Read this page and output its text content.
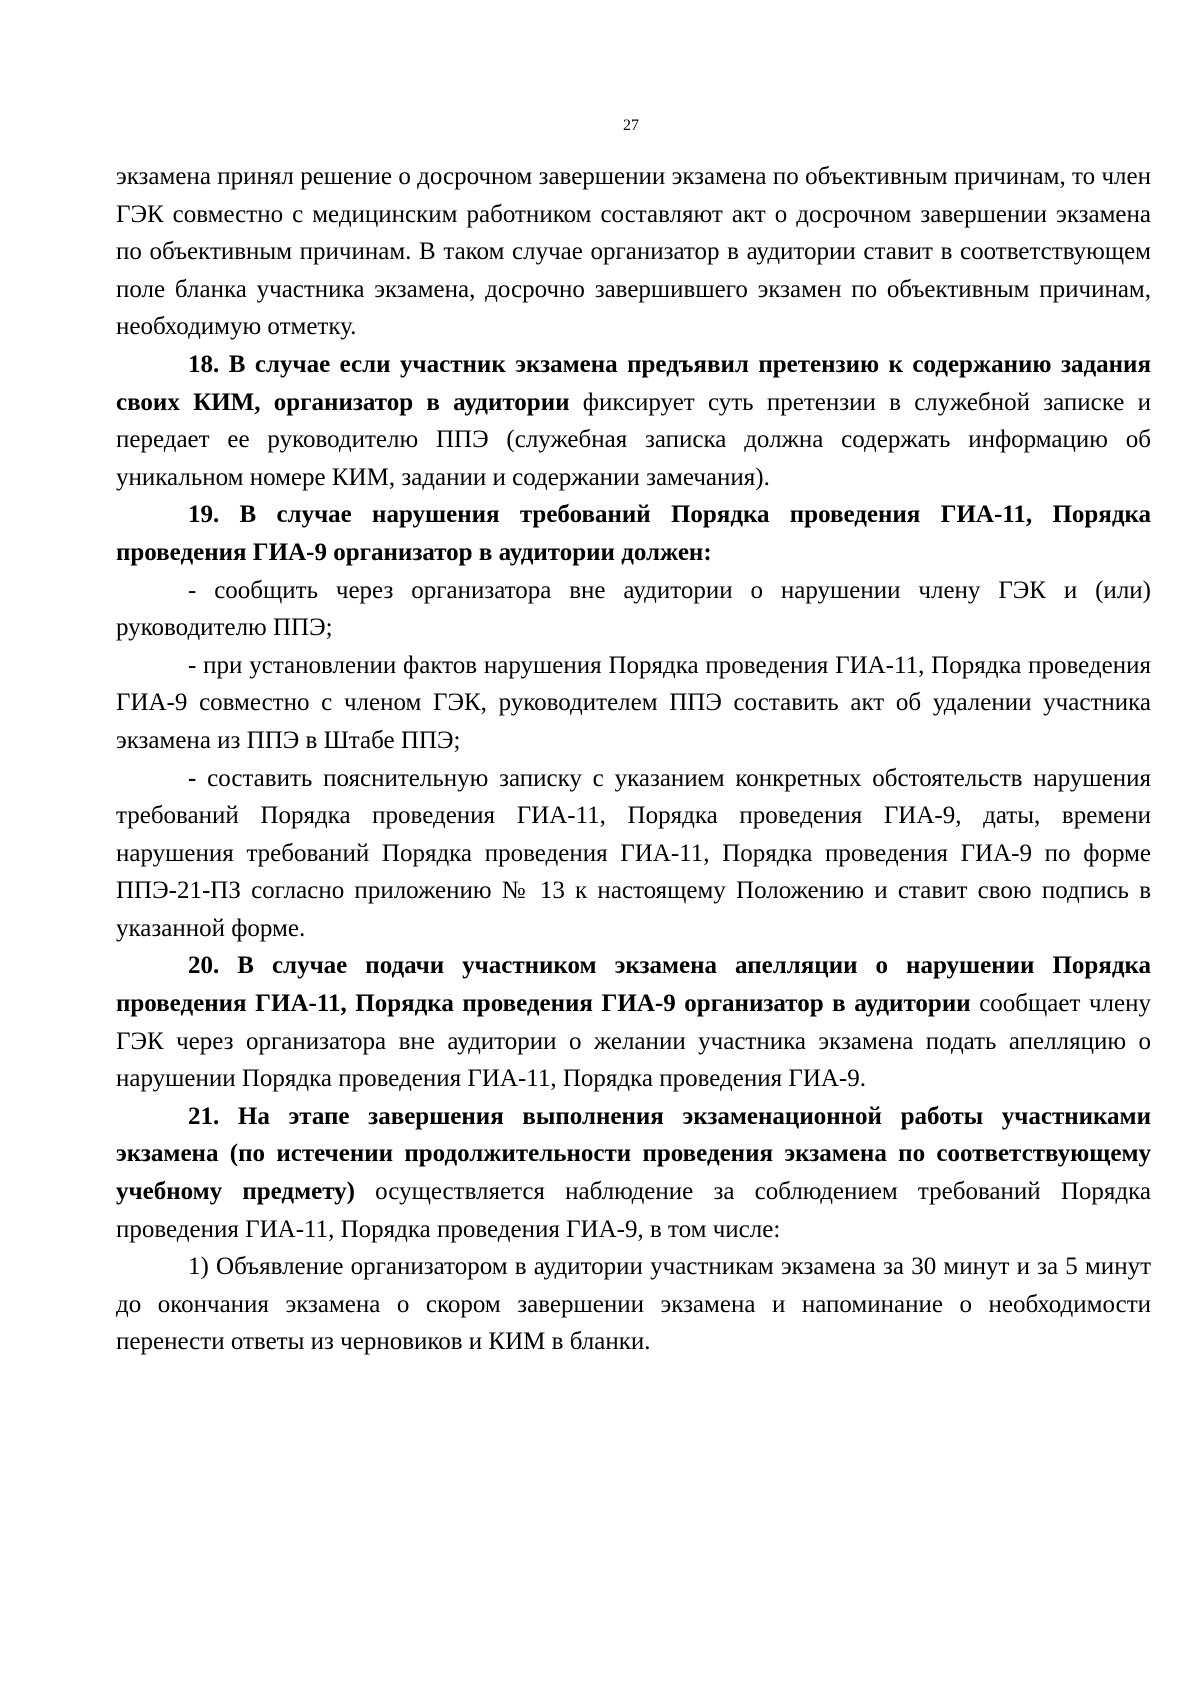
27

экзамена принял решение о досрочном завершении экзамена по объективным причинам, то член ГЭК совместно с медицинским работником составляют акт о досрочном завершении экзамена по объективным причинам. В таком случае организатор в аудитории ставит в соответствующем поле бланка участника экзамена, досрочно завершившего экзамен по объективным причинам, необходимую отметку.

18. В случае если участник экзамена предъявил претензию к содержанию задания своих КИМ, организатор в аудитории фиксирует суть претензии в служебной записке и передает ее руководителю ППЭ (служебная записка должна содержать информацию об уникальном номере КИМ, задании и содержании замечания).

19. В случае нарушения требований Порядка проведения ГИА-11, Порядка проведения ГИА-9 организатор в аудитории должен:

- сообщить через организатора вне аудитории о нарушении члену ГЭК и (или) руководителю ППЭ;

- при установлении фактов нарушения Порядка проведения ГИА-11, Порядка проведения ГИА-9 совместно с членом ГЭК, руководителем ППЭ составить акт об удалении участника экзамена из ППЭ в Штабе ППЭ;

- составить пояснительную записку с указанием конкретных обстоятельств нарушения требований Порядка проведения ГИА-11, Порядка проведения ГИА-9, даты, времени нарушения требований Порядка проведения ГИА-11, Порядка проведения ГИА-9 по форме ППЭ-21-ПЗ согласно приложению № 13 к настоящему Положению и ставит свою подпись в указанной форме.

20. В случае подачи участником экзамена апелляции о нарушении Порядка проведения ГИА-11, Порядка проведения ГИА-9 организатор в аудитории сообщает члену ГЭК через организатора вне аудитории о желании участника экзамена подать апелляцию о нарушении Порядка проведения ГИА-11, Порядка проведения ГИА-9.

21. На этапе завершения выполнения экзаменационной работы участниками экзамена (по истечении продолжительности проведения экзамена по соответствующему учебному предмету) осуществляется наблюдение за соблюдением требований Порядка проведения ГИА-11, Порядка проведения ГИА-9, в том числе:

1) Объявление организатором в аудитории участникам экзамена за 30 минут и за 5 минут до окончания экзамена о скором завершении экзамена и напоминание о необходимости перенести ответы из черновиков и КИМ в бланки.
